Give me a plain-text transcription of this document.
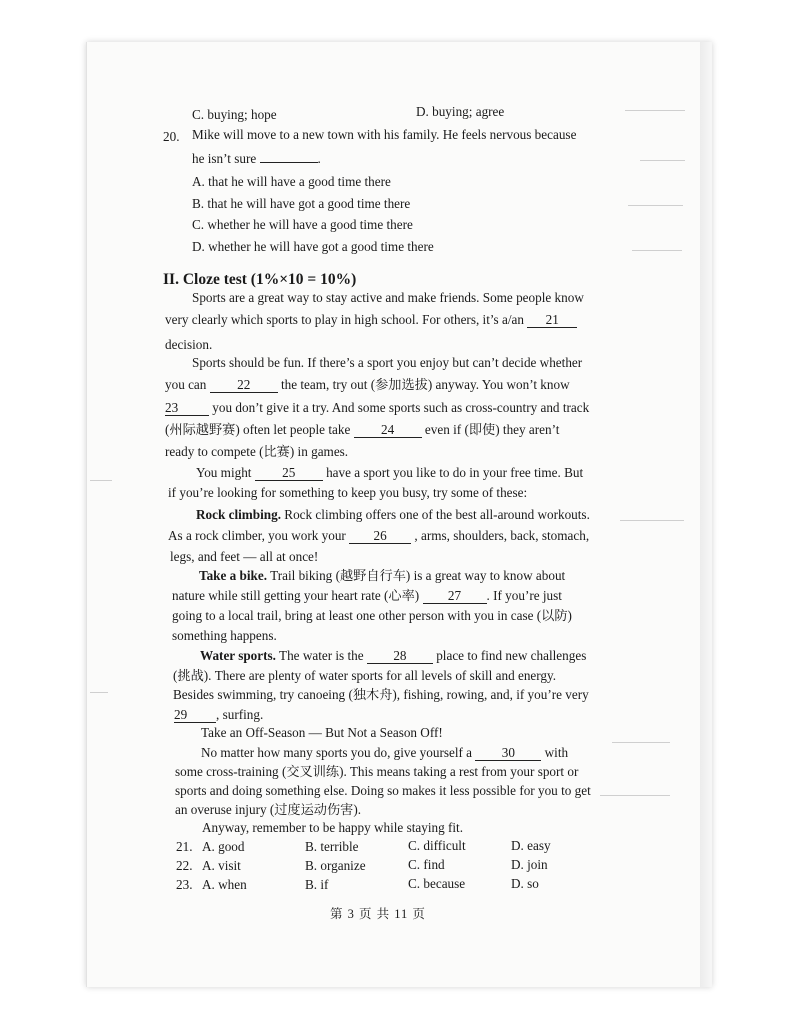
C. buying; hope	D. buying; agree
20. Mike will move to a new town with his family. He feels nervous because
he isn’t sure	.
A. that he will have a good time there
B. that he will have got a good time there
C. whether he will have a good time there
D. whether he will have got a good time there
II. Cloze test (1%×10 = 10%)
Sports are a great way to stay active and make friends. Some people know
very clearly which sports to play in high school. For others, it’s a/an 21
decision.
Sports should be fun. If there’s a sport you enjoy but can’t decide whether
you can 22 the team, try out (参加选拔) anyway. You won’t know
23	you don’t give it a try. And some sports such as cross-country and track
(州际越野赛) often let people take 24 even if (即使) they aren’t
ready to compete (比赛) in games.
You might 25 have a sport you like to do in your free time. But
if you’re looking for something to keep you busy, try some of these:
Rock climbing. Rock climbing offers one of the best all-around workouts.
As a rock climber, you work your 26 , arms, shoulders, back, stomach,
legs, and feet — all at once!
Take a bike. Trail biking (越野自行车) is a great way to know about
nature while still getting your heart rate (心率) 27 . If you’re just
going to a local trail, bring at least one other person with you in case (以防)
something happens.
Water sports. The water is the 28 place to find new challenges
(挑战). There are plenty of water sports for all levels of skill and energy.
Besides swimming, try canoeing (独木舟), fishing, rowing, and, if you’re very
29 , surfing.
Take an Off-Season — But Not a Season Off!
No matter how many sports you do, give yourself a 30 with
some cross-training (交叉训练). This means taking a rest from your sport or
sports and doing something else. Doing so makes it less possible for you to get
an overuse injury (过度运动伤害).
Anyway, remember to be happy while staying fit.
21. A. good	B. terrible	C. difficult	D. easy
22. A. visit	B. organize	C. find	D. join
23. A. when	B. if	C. because	D. so
第 3 页 共 11 页
